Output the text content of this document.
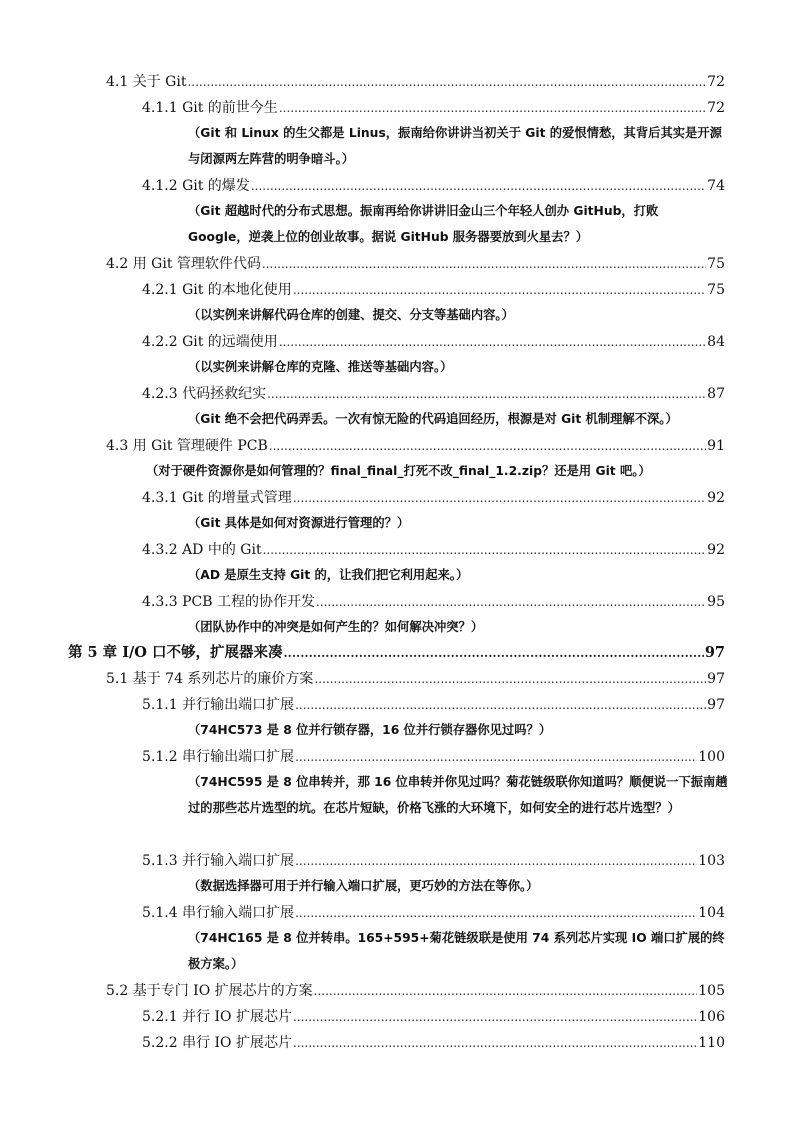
4.1 关于 Git .....	72
4.1.1 Git 的前世今生 .....	72
（Git 和 Linux 的生父都是 Linus，振南给你讲讲当初关于 Git 的爱恨情愁，其背后其实是开源与闭源两左阵营的明争暗斗。）
4.1.2 Git 的爆发 .....	74
（Git 超越时代的分布式思想。振南再给你讲讲旧金山三个年轻人创办 GitHub，打败 Google，逆袭上位的创业故事。据说 GitHub 服务器要放到火星去？）
4.2 用 Git 管理软件代码 .....	75
4.2.1 Git 的本地化使用 .....	75
（以实例来讲解代码仓库的创建、提交、分支等基础内容。）
4.2.2 Git 的远端使用 .....	84
（以实例来讲解仓库的克隆、推送等基础内容。）
4.2.3 代码拯救纪实 .....	87
（Git 绝不会把代码弄丢。一次有惊无险的代码追回经历，根源是对 Git 机制理解不深。）
4.3 用 Git 管理硬件 PCB .....	91
（对于硬件资源你是如何管理的？final_final_打死不改_final_1.2.zip？还是用 Git 吧。）
4.3.1 Git 的增量式管理 .....	92
（Git 具体是如何对资源进行管理的？）
4.3.2 AD 中的 Git .....	92
（AD 是原生支持 Git 的，让我们把它利用起来。）
4.3.3 PCB 工程的协作开发 .....	95
（团队协作中的冲突是如何产生的？如何解决冲突？）
第 5 章 I/O 口不够，扩展器来凑 .....	97
5.1 基于 74 系列芯片的廉价方案 .....	97
5.1.1 并行输出端口扩展 .....	97
（74HC573 是 8 位并行锁存器，16 位并行锁存器你见过吗？）
5.1.2 串行输出端口扩展 .....	100
（74HC595 是 8 位串转并，那 16 位串转并你见过吗？菊花链级联你知道吗？顺便说一下振南趟过的那些芯片选型的坑。在芯片短缺，价格飞涨的大环境下，如何安全的进行芯片选型？）
5.1.3 并行输入端口扩展 .....	103
（数据选择器可用于并行输入端口扩展，更巧妙的方法在等你。）
5.1.4 串行输入端口扩展 .....	104
（74HC165 是 8 位并转串。165+595+菊花链级联是使用 74 系列芯片实现 IO 端口扩展的终极方案。）
5.2 基于专门 IO 扩展芯片的方案 .....	105
5.2.1 并行 IO 扩展芯片 .....	106
5.2.2 串行 IO 扩展芯片 .....	110
